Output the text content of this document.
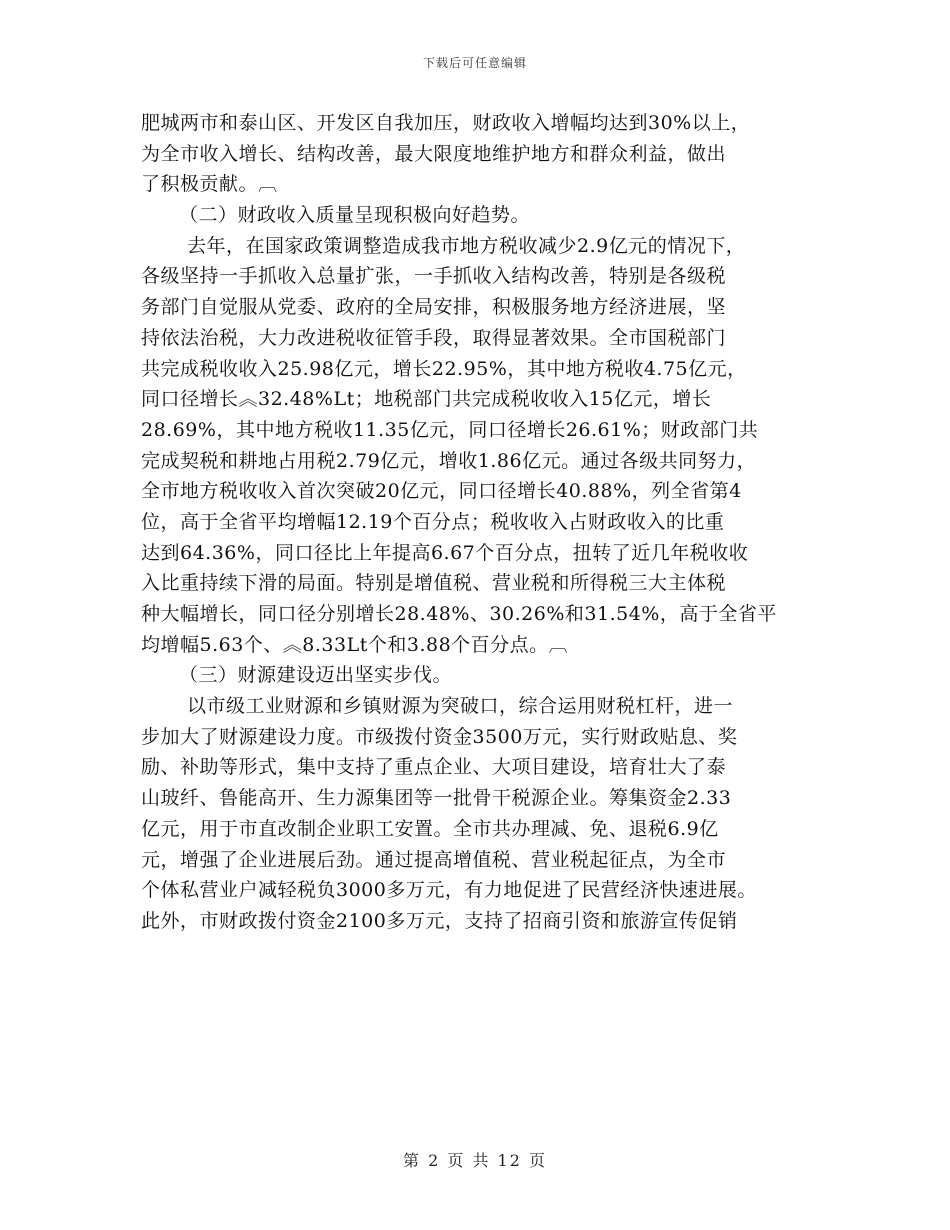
下载后可任意编辑
肥城两市和泰山区、开发区自我加压，财政收入增幅均达到30%以上，
为全市收入增长、结构改善，最大限度地维护地方和群众利益，做出
了积极贡献。︹
（二）财政收入质量呈现积极向好趋势。
去年，在国家政策调整造成我市地方税收减少2.9亿元的情况下，
各级坚持一手抓收入总量扩张，一手抓收入结构改善，特别是各级税
务部门自觉服从党委、政府的全局安排，积极服务地方经济进展，坚
持依法治税，大力改进税收征管手段，取得显著效果。全市国税部门
共完成税收收入25.98亿元，增长22.95%，其中地方税收4.75亿元，
同口径增长︽32.48%Lt；地税部门共完成税收收入15亿元，增长
28.69%，其中地方税收11.35亿元，同口径增长26.61%；财政部门共
完成契税和耕地占用税2.79亿元，增收1.86亿元。通过各级共同努力，
全市地方税收收入首次突破20亿元，同口径增长40.88%，列全省第4
位，高于全省平均增幅12.19个百分点；税收收入占财政收入的比重
达到64.36%，同口径比上年提高6.67个百分点，扭转了近几年税收收
入比重持续下滑的局面。特别是增值税、营业税和所得税三大主体税
种大幅增长，同口径分别增长28.48%、30.26%和31.54%，高于全省平
均增幅5.63个、︽8.33Lt个和3.88个百分点。︹
（三）财源建设迈出坚实步伐。
以市级工业财源和乡镇财源为突破口，综合运用财税杠杆，进一
步加大了财源建设力度。市级拨付资金3500万元，实行财政贴息、奖
励、补助等形式，集中支持了重点企业、大项目建设，培育壮大了泰
山玻纤、鲁能高开、生力源集团等一批骨干税源企业。筹集资金2.33
亿元，用于市直改制企业职工安置。全市共办理减、免、退税6.9亿
元，增强了企业进展后劲。通过提高增值税、营业税起征点，为全市
个体私营业户减轻税负3000多万元，有力地促进了民营经济快速进展。
此外，市财政拨付资金2100多万元，支持了招商引资和旅游宣传促销
第 2 页 共 12 页
